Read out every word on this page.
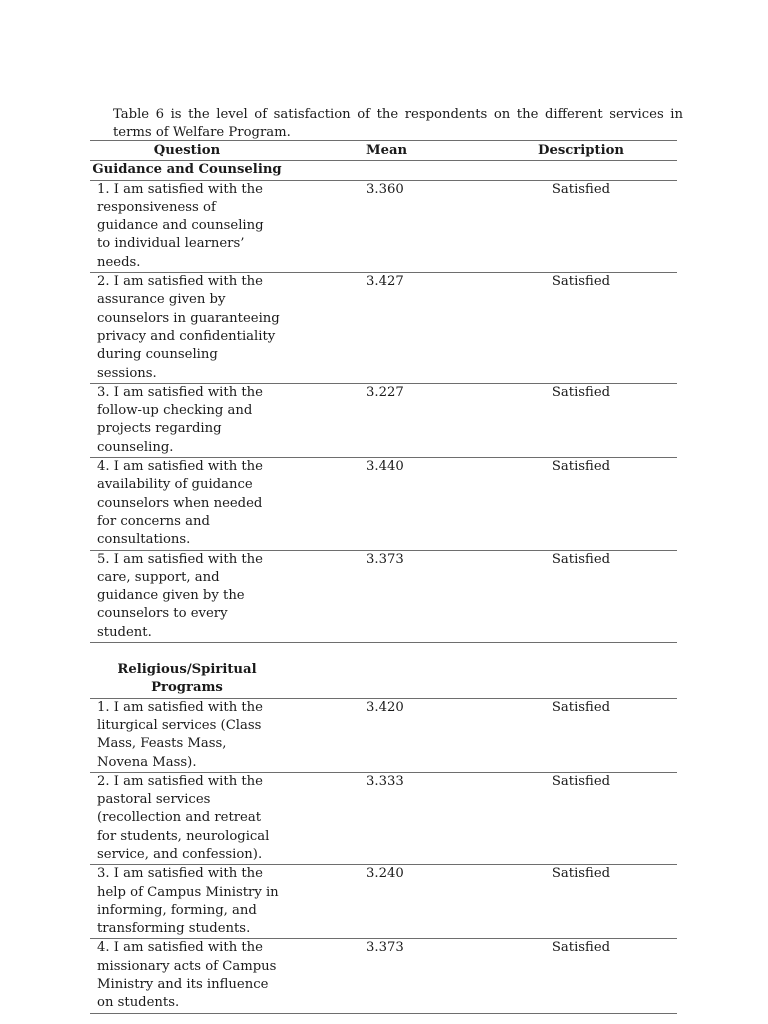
Table 6 is the level of satisfaction of the respondents on the different services in terms of Welfare Program.

Question	Mean	Description
Guidance and Counseling		
1. I am satisfied with the responsiveness of guidance and counseling to individual learners’ needs.	3.360	Satisfied
2. I am satisfied with the assurance given by counselors in guaranteeing privacy and confidentiality during counseling sessions.	3.427	Satisfied
3. I am satisfied with the follow-up checking and projects regarding counseling.	3.227	Satisfied
4. I am satisfied with the availability of guidance counselors when needed for concerns and consultations.	3.440	Satisfied
5. I am satisfied with the care, support, and guidance given by the counselors to every student.	3.373	Satisfied

Religious/Spiritual Programs		
1. I am satisfied with the liturgical services (Class Mass, Feasts Mass, Novena Mass).	3.420	Satisfied
2. I am satisfied with the pastoral services (recollection and retreat for students, neurological service, and confession).	3.333	Satisfied
3. I am satisfied with the help of Campus Ministry in informing, forming, and transforming students.	3.240	Satisfied
4. I am satisfied with the missionary acts of Campus Ministry and its influence on students.	3.373	Satisfied
